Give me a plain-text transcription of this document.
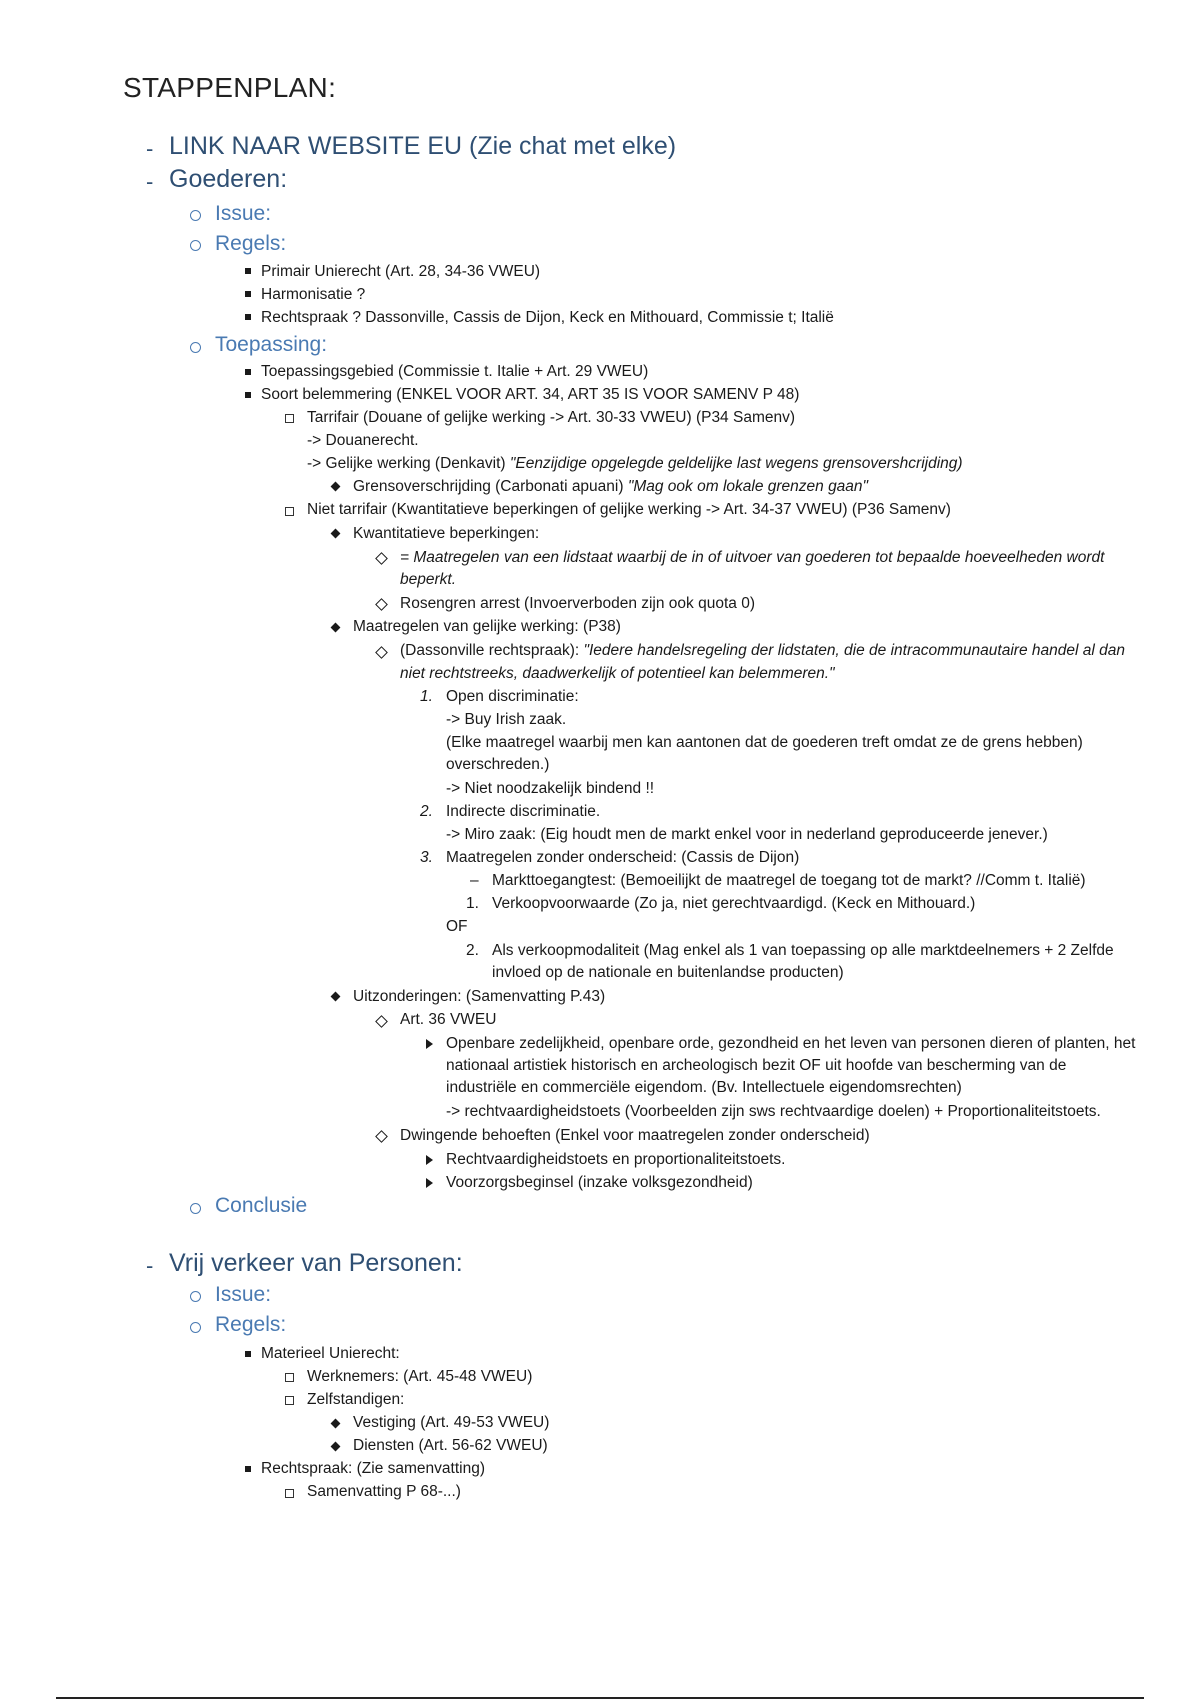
STAPPENPLAN:
- LINK NAAR WEBSITE EU (Zie chat met elke)
- Goederen:
Issue:
Regels:
Primair Unierecht (Art. 28, 34-36 VWEU)
Harmonisatie ?
Rechtspraak ? Dassonville, Cassis de Dijon, Keck en Mithouard, Commissie t; Italië
Toepassing:
Toepassingsgebied (Commissie t. Italie + Art. 29 VWEU)
Soort belemmering (ENKEL VOOR ART. 34, ART 35 IS VOOR SAMENV P 48)
Tarrifair (Douane of gelijke werking -> Art. 30-33 VWEU) (P34 Samenv)
-> Douanerecht.
-> Gelijke werking (Denkavit) "Eenzijdige opgelegde geldelijke last wegens grensovershcrijding)
Grensoverschrijding (Carbonati apuani) "Mag ook om lokale grenzen gaan"
Niet tarrifair (Kwantitatieve beperkingen of gelijke werking -> Art. 34-37 VWEU) (P36 Samenv)
Kwantitatieve beperkingen:
= Maatregelen van een lidstaat waarbij de in of uitvoer van goederen tot bepaalde hoeveelheden wordt
beperkt.
Rosengren arrest (Invoerverboden zijn ook quota 0)
Maatregelen van gelijke werking: (P38)
(Dassonville rechtspraak): "Iedere handelsregeling der lidstaten, die de intracommunautaire handel al dan
niet rechtstreeks, daadwerkelijk of potentieel kan belemmeren."
1. Open discriminatie:
-> Buy Irish zaak.
(Elke maatregel waarbij men kan aantonen dat de goederen treft omdat ze de grens hebben)
overschreden.)
-> Niet noodzakelijk bindend !!
2. Indirecte discriminatie.
-> Miro zaak: (Eig houdt men de markt enkel voor in nederland geproduceerde jenever.)
3. Maatregelen zonder onderscheid: (Cassis de Dijon)
– Markttoegangtest: (Bemoeilijkt de maatregel de toegang tot de markt? //Comm t. Italië)
1. Verkoopvoorwaarde (Zo ja, niet gerechtvaardigd. (Keck en Mithouard.)
OF
2. Als verkoopmodaliteit (Mag enkel als 1 van toepassing op alle marktdeelnemers + 2 Zelfde
invloed op de nationale en buitenlandse producten)
Uitzonderingen: (Samenvatting P.43)
Art. 36 VWEU
Openbare zedelijkheid, openbare orde, gezondheid en het leven van personen dieren of planten, het
nationaal artistiek historisch en archeologisch bezit OF uit hoofde van bescherming van de
industriële en commerciële eigendom. (Bv. Intellectuele eigendomsrechten)
-> rechtvaardigheidstoets (Voorbeelden zijn sws rechtvaardige doelen) + Proportionaliteitstoets.
Dwingende behoeften (Enkel voor maatregelen zonder onderscheid)
Rechtvaardigheidstoets en proportionaliteitstoets.
Voorzorgsbeginsel (inzake volksgezondheid)
Conclusie
- Vrij verkeer van Personen:
Issue:
Regels:
Materieel Unierecht:
Werknemers: (Art. 45-48 VWEU)
Zelfstandigen:
Vestiging (Art. 49-53 VWEU)
Diensten (Art. 56-62 VWEU)
Rechtspraak: (Zie samenvatting)
Samenvatting P 68-...)
